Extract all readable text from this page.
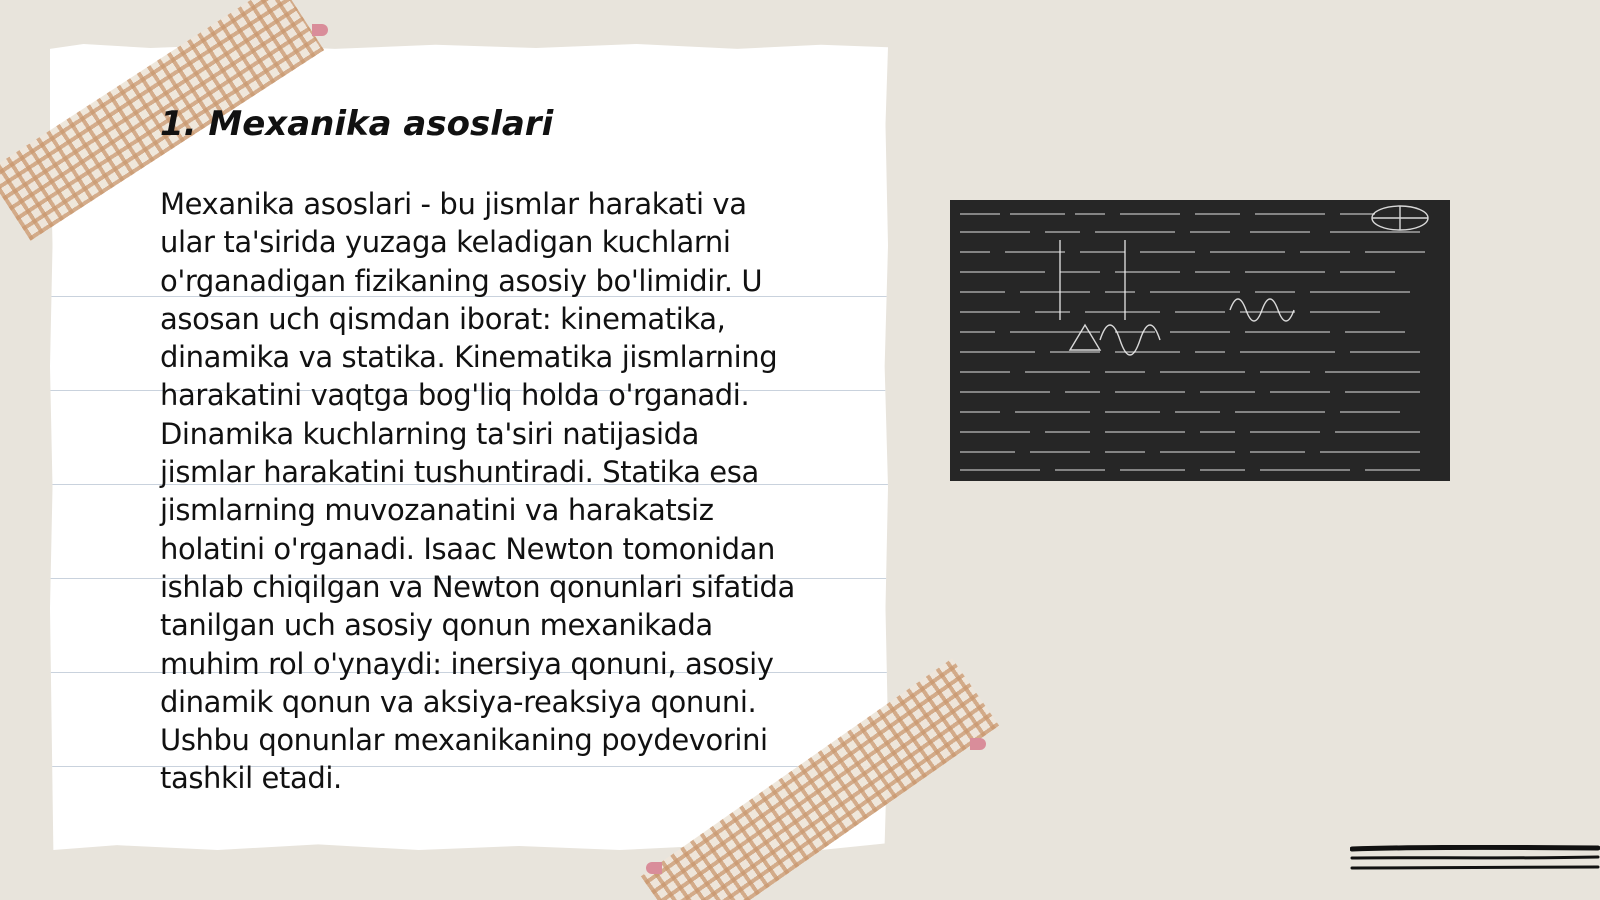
1. Mexanika asoslari

Mexanika asoslari - bu jismlar harakati va
ular ta'sirida yuzaga keladigan kuchlarni
o'rganadigan fizikaning asosiy bo'limidir. U
asosan uch qismdan iborat: kinematika,
dinamika va statika. Kinematika jismlarning
harakatini vaqtga bog'liq holda o'rganadi.
Dinamika kuchlarning ta'siri natijasida
jismlar harakatini tushuntiradi. Statika esa
jismlarning muvozanatini va harakatsiz
holatini o'rganadi. Isaac Newton tomonidan
ishlab chiqilgan va Newton qonunlari sifatida
tanilgan uch asosiy qonun mexanikada
muhim rol o'ynaydi: inersiya qonuni, asosiy
dinamik qonun va aksiya-reaksiya qonuni.
Ushbu qonunlar mexanikaning poydevorini
tashkil etadi.
